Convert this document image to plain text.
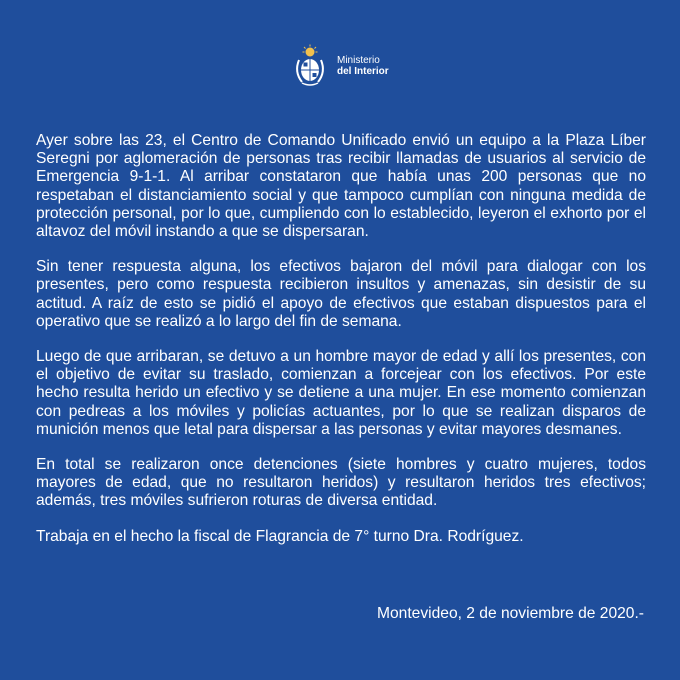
Ministerio
del Interior

Ayer sobre las 23, el Centro de Comando Unificado envió un equipo a la Plaza Líber Seregni por aglomeración de personas tras recibir llamadas de usuarios al servicio de Emergencia 9-1-1. Al arribar constataron que había unas 200 personas que no respetaban el distanciamiento social y que tampoco cumplían con ninguna medida de protección personal, por lo que, cumpliendo con lo establecido, leyeron el exhorto por el altavoz del móvil instando a que se dispersaran.

Sin tener respuesta alguna, los efectivos bajaron del móvil para dialogar con los presentes, pero como respuesta recibieron insultos y amenazas, sin desistir de su actitud. A raíz de esto se pidió el apoyo de efectivos que estaban dispuestos para el operativo que se realizó a lo largo del fin de semana.

Luego de que arribaran, se detuvo a un hombre mayor de edad y allí los presentes, con el objetivo de evitar su traslado, comienzan a forcejear con los efectivos. Por este hecho resulta herido un efectivo y se detiene a una mujer. En ese momento comienzan con pedreas a los móviles y policías actuantes, por lo que se realizan disparos de munición menos que letal para dispersar a las personas y evitar mayores desmanes.

En total se realizaron once detenciones (siete hombres y cuatro mujeres, todos mayores de edad, que no resultaron heridos) y resultaron heridos tres efectivos; además, tres móviles sufrieron roturas de diversa entidad.

Trabaja en el hecho la fiscal de Flagrancia de 7° turno Dra. Rodríguez.

Montevideo, 2 de noviembre de 2020.-
